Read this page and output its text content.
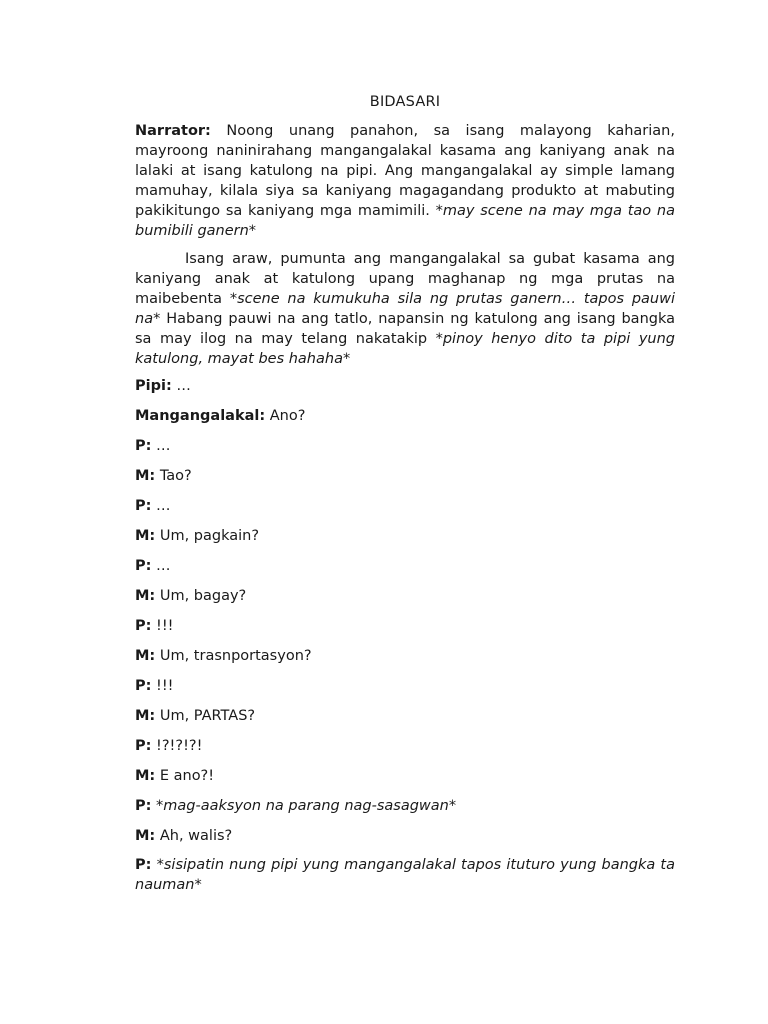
BIDASARI

Narrator: Noong unang panahon, sa isang malayong kaharian, mayroong naninirahang mangangalakal kasama ang kaniyang anak na lalaki at isang katulong na pipi. Ang mangangalakal ay simple lamang mamuhay, kilala siya sa kaniyang magagandang produkto at mabuting pakikitungo sa kaniyang mga mamimili. *may scene na may mga tao na bumibili ganern*

Isang araw, pumunta ang mangangalakal sa gubat kasama ang kaniyang anak at katulong upang maghanap ng mga prutas na maibebenta *scene na kumukuha sila ng prutas ganern… tapos pauwi na* Habang pauwi na ang tatlo, napansin ng katulong ang isang bangka sa may ilog na may telang nakatakip *pinoy henyo dito ta pipi yung katulong, mayat bes hahaha*

Pipi: …

Mangangalakal: Ano?

P: …

M: Tao?

P: …

M: Um, pagkain?

P: …

M: Um, bagay?

P: !!!

M: Um, trasnportasyon?

P: !!!

M: Um, PARTAS?

P: !?!?!?!

M: E ano?!

P: *mag-aaksyon na parang nag-sasagwan*

M: Ah, walis?

P: *sisipatin nung pipi yung mangangalakal tapos ituturo yung bangka ta nauman*
